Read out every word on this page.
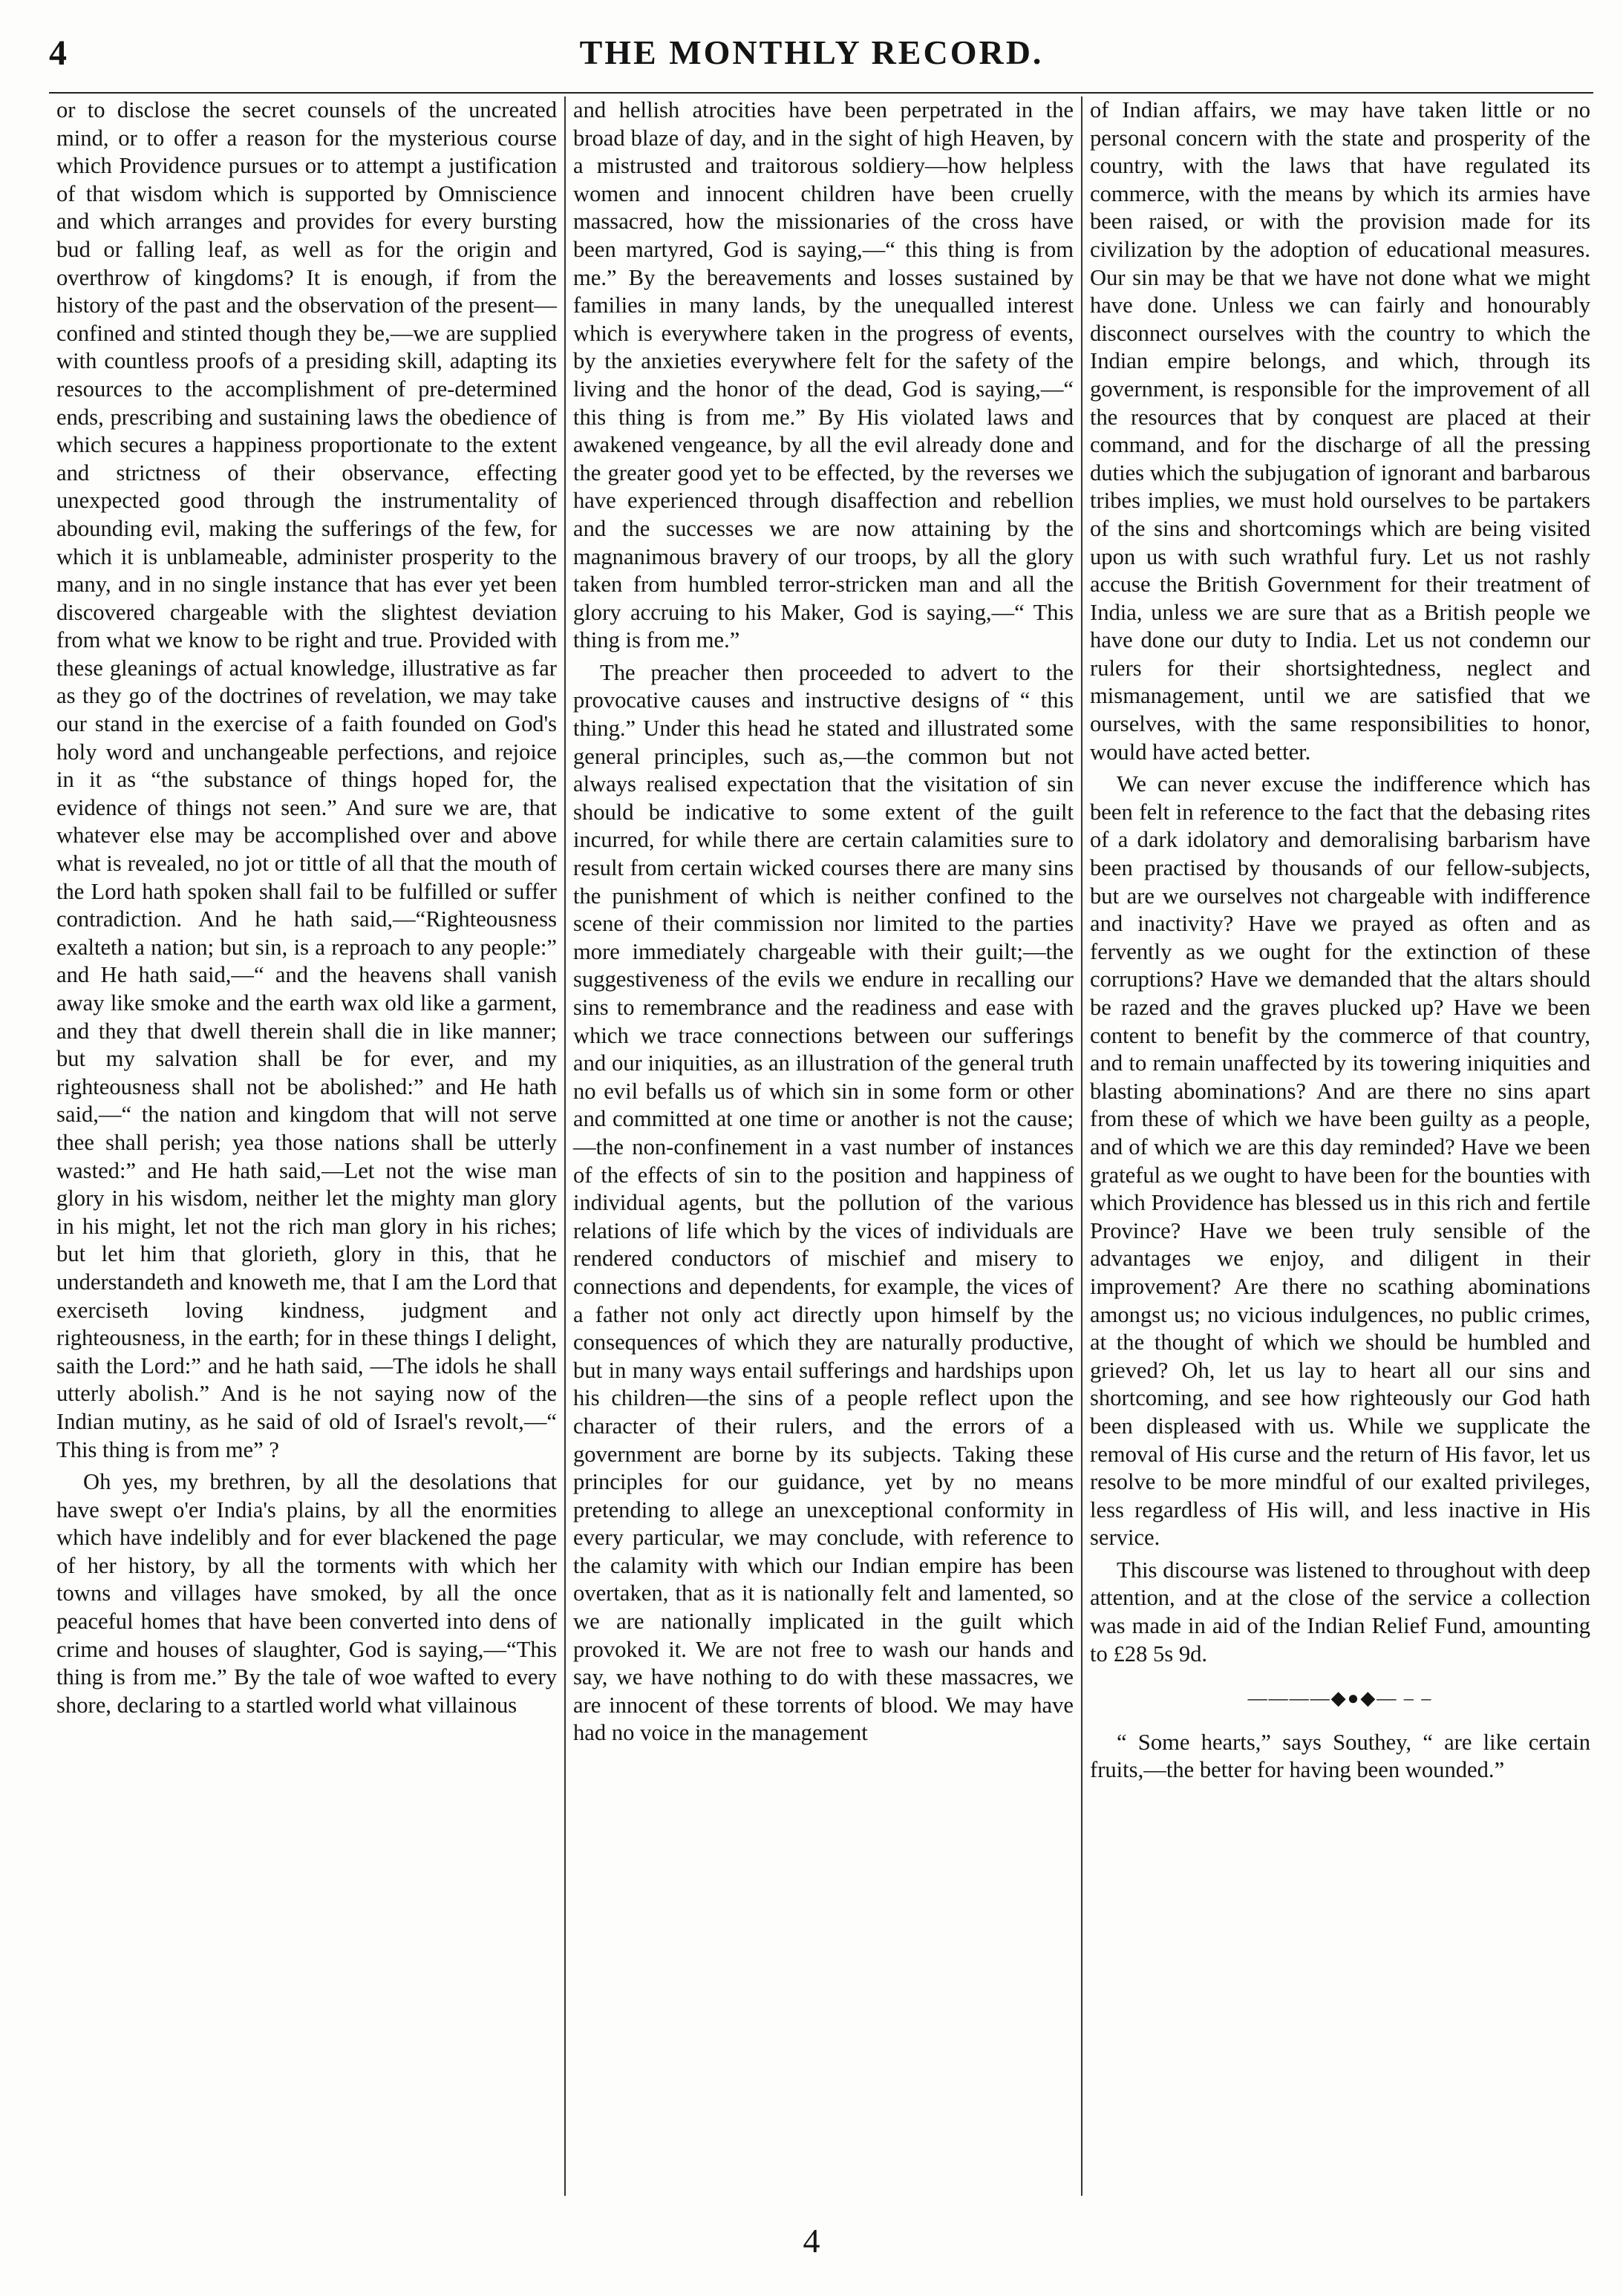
4	THE MONTHLY RECORD.

or to disclose the secret counsels of the uncreated mind, or to offer a reason for the mysterious course which Providence pursues or to attempt a justification of that wisdom which is supported by Omniscience and which arranges and provides for every bursting bud or falling leaf, as well as for the origin and overthrow of kingdoms? It is enough, if from the history of the past and the observation of the present—confined and stinted though they be,—we are supplied with countless proofs of a presiding skill, adapting its resources to the accomplishment of pre-determined ends, prescribing and sustaining laws the obedience of which secures a happiness proportionate to the extent and strictness of their observance, effecting unexpected good through the instrumentality of abounding evil, making the sufferings of the few, for which it is unblameable, administer prosperity to the many, and in no single instance that has ever yet been discovered chargeable with the slightest deviation from what we know to be right and true. Provided with these gleanings of actual knowledge, illustrative as far as they go of the doctrines of revelation, we may take our stand in the exercise of a faith founded on God's holy word and unchangeable perfections, and rejoice in it as “the substance of things hoped for, the evidence of things not seen.” And sure we are, that whatever else may be accomplished over and above what is revealed, no jot or tittle of all that the mouth of the Lord hath spoken shall fail to be fulfilled or suffer contradiction. And he hath said,—“Righteousness exalteth a nation; but sin, is a reproach to any people:” and He hath said,—“ and the heavens shall vanish away like smoke and the earth wax old like a garment, and they that dwell therein shall die in like manner; but my salvation shall be for ever, and my righteousness shall not be abolished:” and He hath said,—“ the nation and kingdom that will not serve thee shall perish; yea those nations shall be utterly wasted:” and He hath said,—Let not the wise man glory in his wisdom, neither let the mighty man glory in his might, let not the rich man glory in his riches; but let him that glorieth, glory in this, that he understandeth and knoweth me, that I am the Lord that exerciseth loving kindness, judgment and righteousness, in the earth; for in these things I delight, saith the Lord:” and he hath said, —The idols he shall utterly abolish.” And is he not saying now of the Indian mutiny, as he said of old of Israel's revolt,—“ This thing is from me” ?

Oh yes, my brethren, by all the desolations that have swept o'er India's plains, by all the enormities which have indelibly and for ever blackened the page of her history, by all the torments with which her towns and villages have smoked, by all the once peaceful homes that have been converted into dens of crime and houses of slaughter, God is saying,—“This thing is from me.” By the tale of woe wafted to every shore, declaring to a startled world what villainous

and hellish atrocities have been perpetrated in the broad blaze of day, and in the sight of high Heaven, by a mistrusted and traitorous soldiery—how helpless women and innocent children have been cruelly massacred, how the missionaries of the cross have been martyred, God is saying,—“ this thing is from me.” By the bereavements and losses sustained by families in many lands, by the unequalled interest which is everywhere taken in the progress of events, by the anxieties everywhere felt for the safety of the living and the honor of the dead, God is saying,—“ this thing is from me.” By His violated laws and awakened vengeance, by all the evil already done and the greater good yet to be effected, by the reverses we have experienced through disaffection and rebellion and the successes we are now attaining by the magnanimous bravery of our troops, by all the glory taken from humbled terror-stricken man and all the glory accruing to his Maker, God is saying,—“ This thing is from me.”

The preacher then proceeded to advert to the provocative causes and instructive designs of “ this thing.” Under this head he stated and illustrated some general principles, such as,—the common but not always realised expectation that the visitation of sin should be indicative to some extent of the guilt incurred, for while there are certain calamities sure to result from certain wicked courses there are many sins the punishment of which is neither confined to the scene of their commission nor limited to the parties more immediately chargeable with their guilt;—the suggestiveness of the evils we endure in recalling our sins to remembrance and the readiness and ease with which we trace connections between our sufferings and our iniquities, as an illustration of the general truth no evil befalls us of which sin in some form or other and committed at one time or another is not the cause;—the non-confinement in a vast number of instances of the effects of sin to the position and happiness of individual agents, but the pollution of the various relations of life which by the vices of individuals are rendered conductors of mischief and misery to connections and dependents, for example, the vices of a father not only act directly upon himself by the consequences of which they are naturally productive, but in many ways entail sufferings and hardships upon his children—the sins of a people reflect upon the character of their rulers, and the errors of a government are borne by its subjects. Taking these principles for our guidance, yet by no means pretending to allege an unexceptional conformity in every particular, we may conclude, with reference to the calamity with which our Indian empire has been overtaken, that as it is nationally felt and lamented, so we are nationally implicated in the guilt which provoked it. We are not free to wash our hands and say, we have nothing to do with these massacres, we are innocent of these torrents of blood. We may have had no voice in the management

of Indian affairs, we may have taken little or no personal concern with the state and prosperity of the country, with the laws that have regulated its commerce, with the means by which its armies have been raised, or with the provision made for its civilization by the adoption of educational measures. Our sin may be that we have not done what we might have done. Unless we can fairly and honourably disconnect ourselves with the country to which the Indian empire belongs, and which, through its government, is responsible for the improvement of all the resources that by conquest are placed at their command, and for the discharge of all the pressing duties which the subjugation of ignorant and barbarous tribes implies, we must hold ourselves to be partakers of the sins and shortcomings which are being visited upon us with such wrathful fury. Let us not rashly accuse the British Government for their treatment of India, unless we are sure that as a British people we have done our duty to India. Let us not condemn our rulers for their shortsightedness, neglect and mismanagement, until we are satisfied that we ourselves, with the same responsibilities to honor, would have acted better.

We can never excuse the indifference which has been felt in reference to the fact that the debasing rites of a dark idolatory and demoralising barbarism have been practised by thousands of our fellow-subjects, but are we ourselves not chargeable with indifference and inactivity? Have we prayed as often and as fervently as we ought for the extinction of these corruptions? Have we demanded that the altars should be razed and the graves plucked up? Have we been content to benefit by the commerce of that country, and to remain unaffected by its towering iniquities and blasting abominations? And are there no sins apart from these of which we have been guilty as a people, and of which we are this day reminded? Have we been grateful as we ought to have been for the bounties with which Providence has blessed us in this rich and fertile Province? Have we been truly sensible of the advantages we enjoy, and diligent in their improvement? Are there no scathing abominations amongst us; no vicious indulgences, no public crimes, at the thought of which we should be humbled and grieved? Oh, let us lay to heart all our sins and shortcoming, and see how righteously our God hath been displeased with us. While we supplicate the removal of His curse and the return of His favor, let us resolve to be more mindful of our exalted privileges, less regardless of His will, and less inactive in His service.

This discourse was listened to throughout with deep attention, and at the close of the service a collection was made in aid of the Indian Relief Fund, amounting to £28 5s 9d.

————◆●◆— – –

“ Some hearts,” says Southey, “ are like certain fruits,—the better for having been wounded.”

4
